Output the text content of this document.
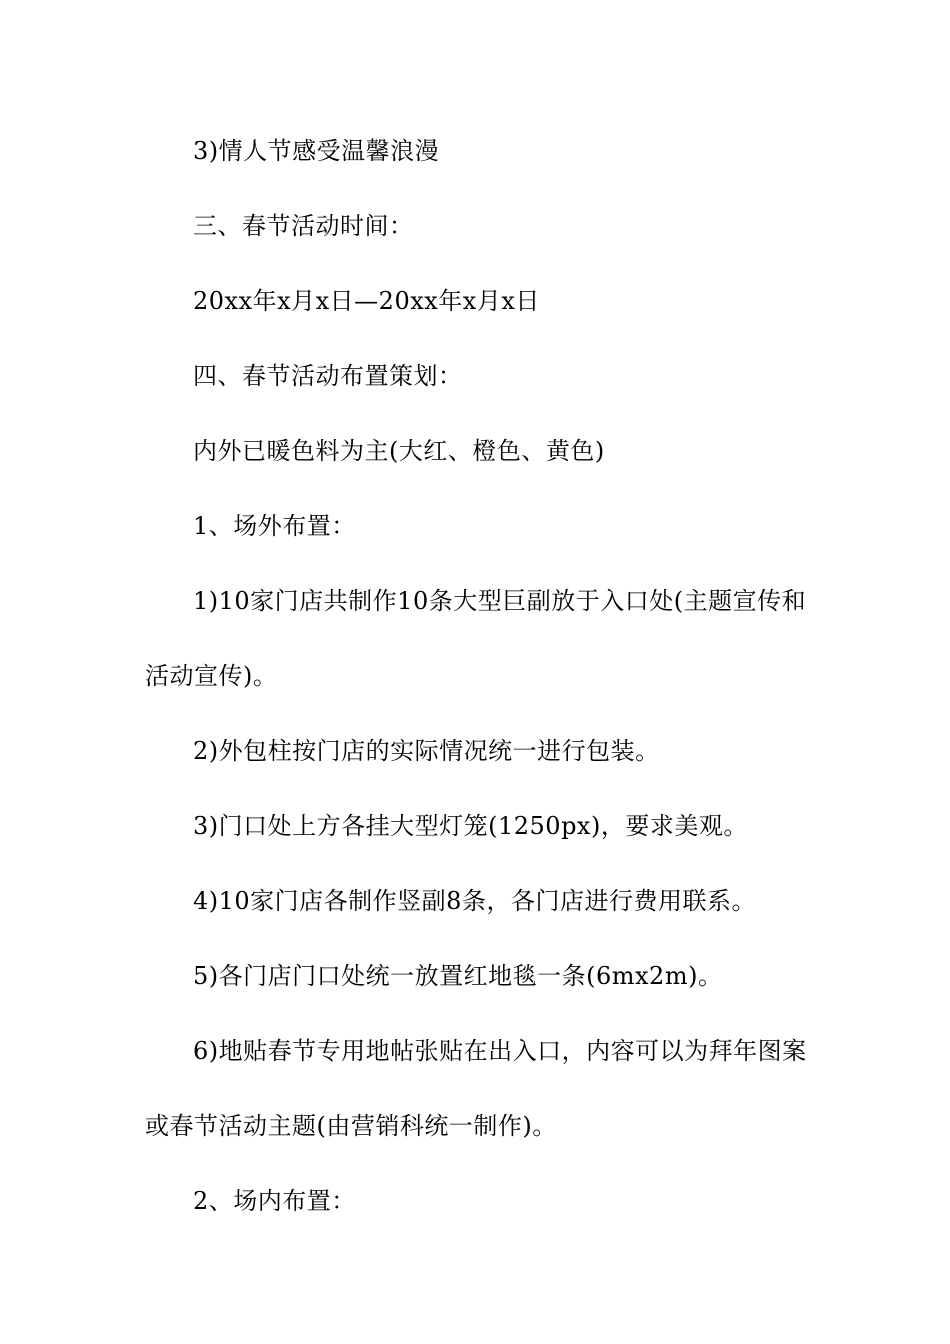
3)情人节感受温馨浪漫
三、春节活动时间：
20xx年x月x日—20xx年x月x日
四、春节活动布置策划：
内外已暖色料为主(大红、橙色、黄色)
1、场外布置：
1)10家门店共制作10条大型巨副放于入口处(主题宣传和
活动宣传)。
2)外包柱按门店的实际情况统一进行包装。
3)门口处上方各挂大型灯笼(1250px)，要求美观。
4)10家门店各制作竖副8条，各门店进行费用联系。
5)各门店门口处统一放置红地毯一条(6mx2m)。
6)地贴春节专用地帖张贴在出入口，内容可以为拜年图案
或春节活动主题(由营销科统一制作)。
2、场内布置：
